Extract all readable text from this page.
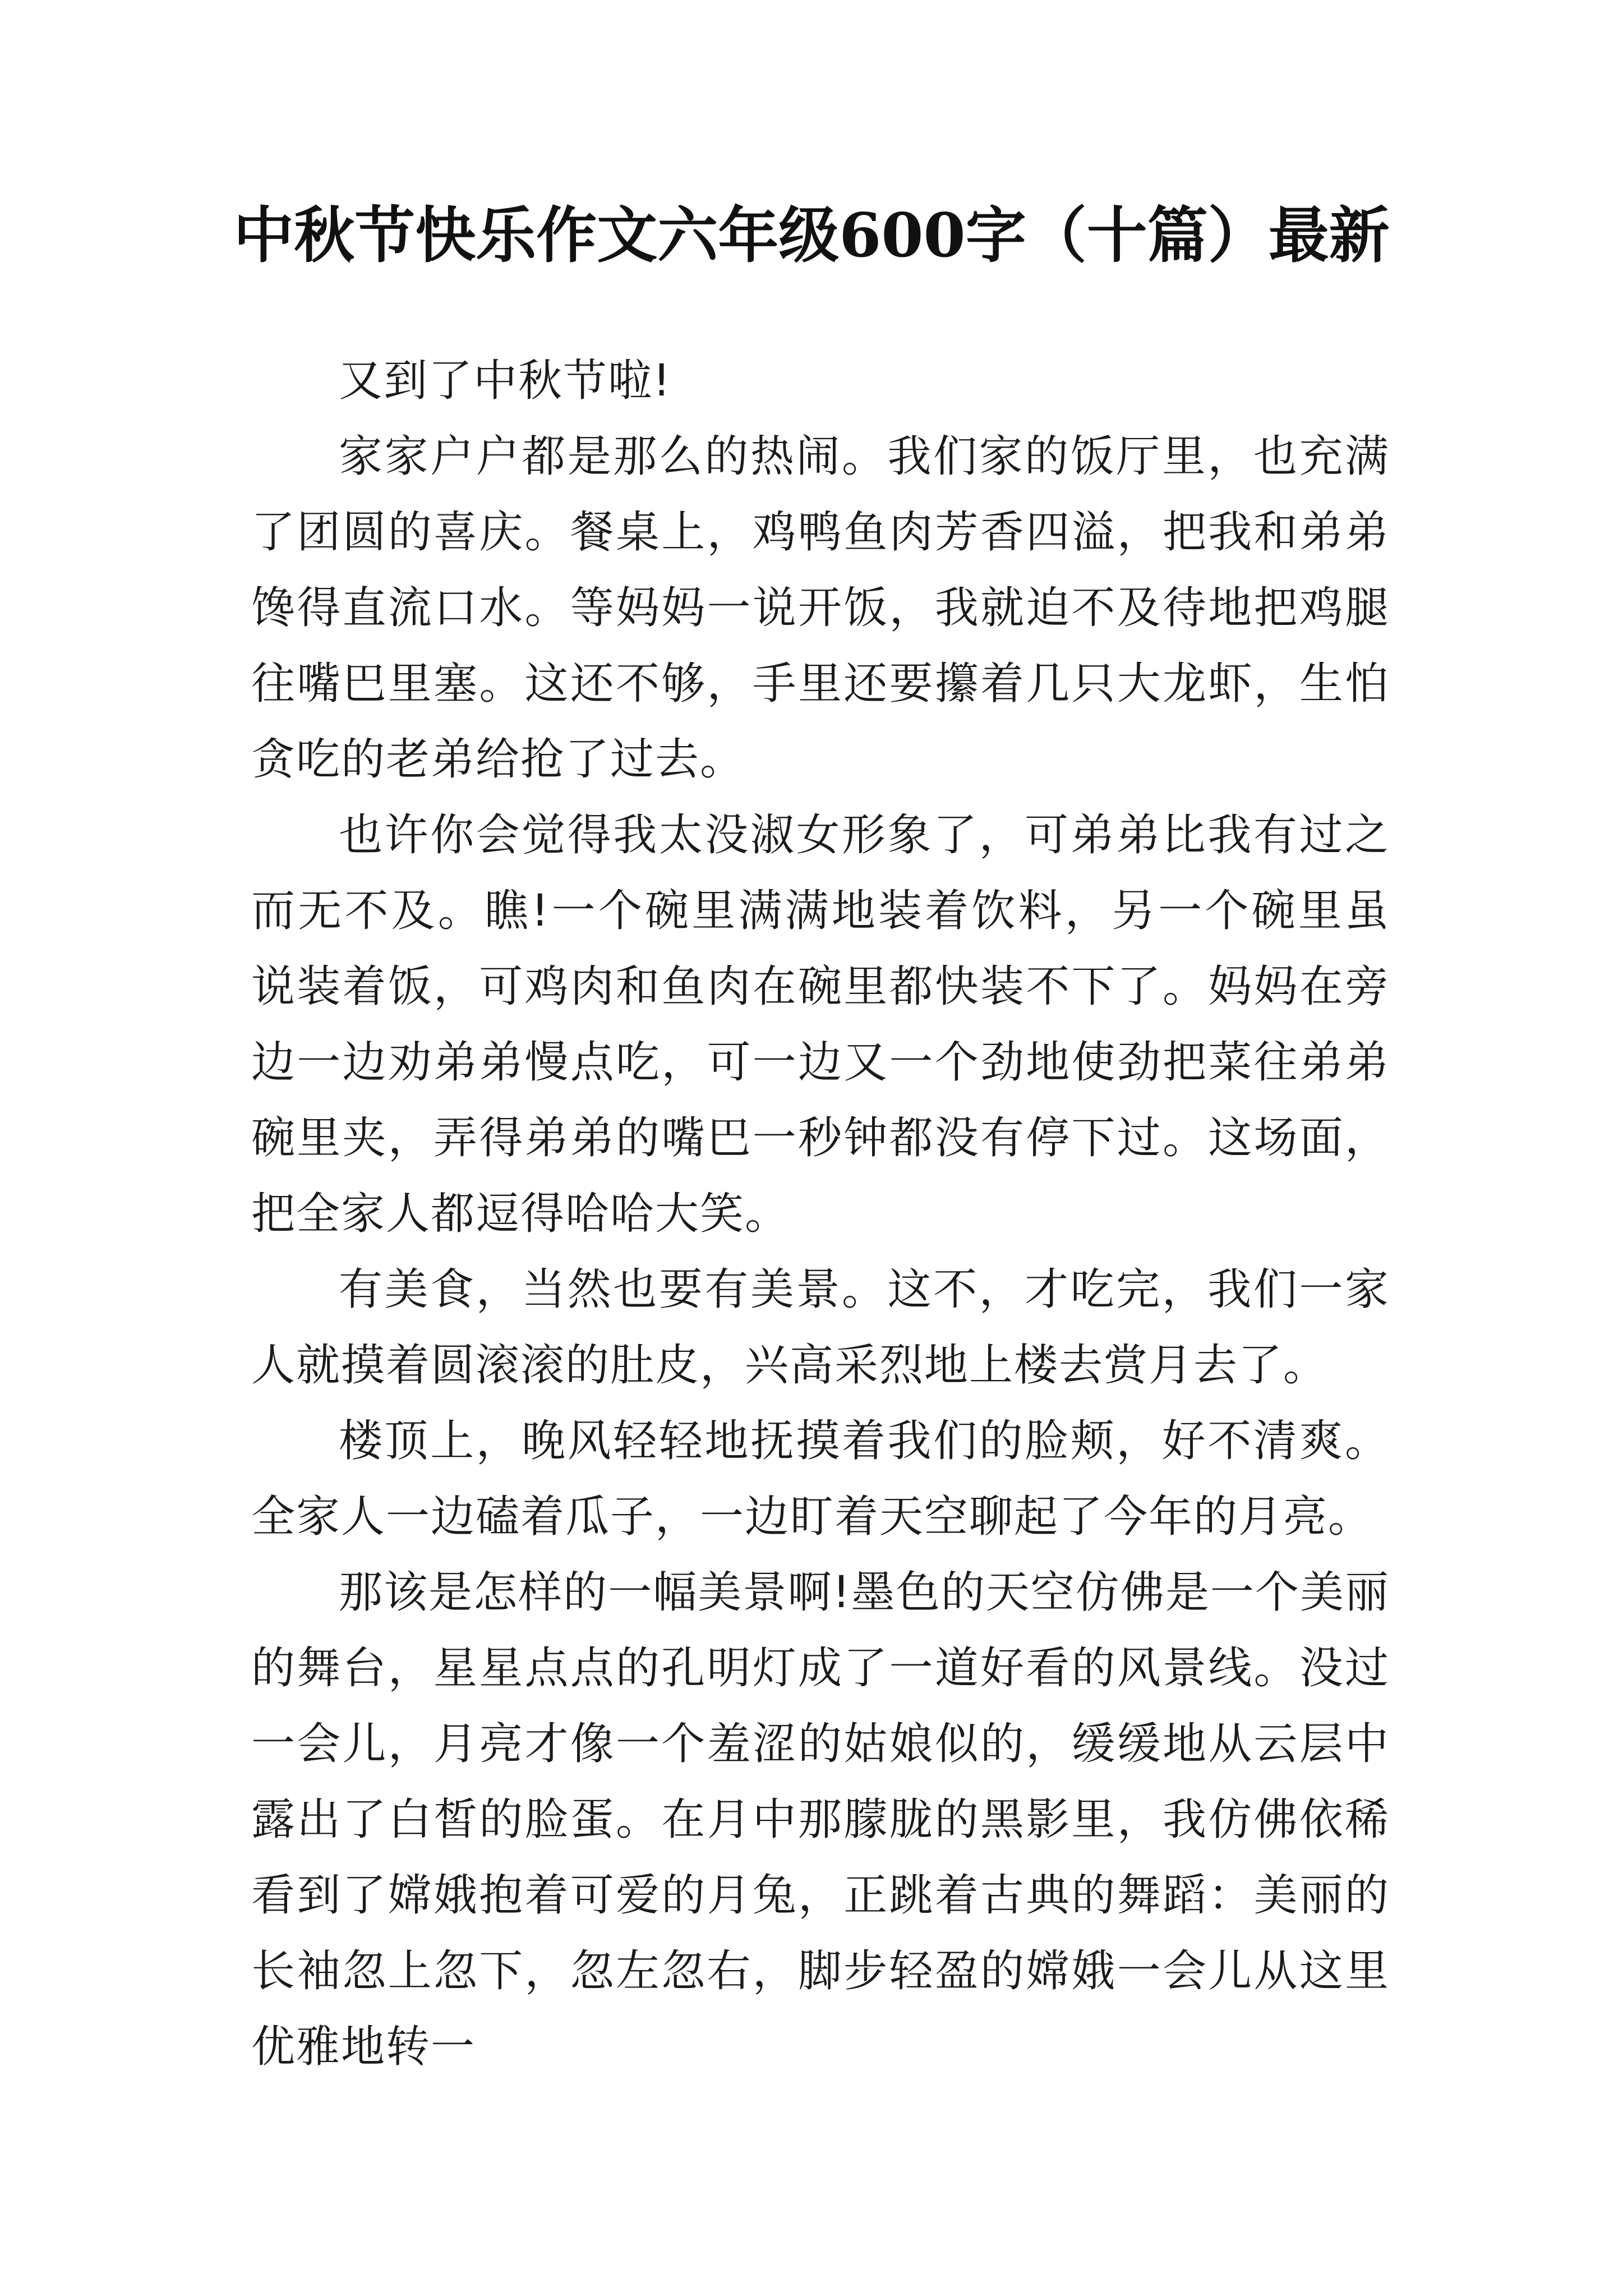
中秋节快乐作文六年级600字（十篇）最新

又到了中秋节啦!

家家户户都是那么的热闹。我们家的饭厅里，也充满了团圆的喜庆。餐桌上，鸡鸭鱼肉芳香四溢，把我和弟弟馋得直流口水。等妈妈一说开饭，我就迫不及待地把鸡腿往嘴巴里塞。这还不够，手里还要攥着几只大龙虾，生怕贪吃的老弟给抢了过去。

也许你会觉得我太没淑女形象了，可弟弟比我有过之而无不及。瞧!一个碗里满满地装着饮料，另一个碗里虽说装着饭，可鸡肉和鱼肉在碗里都快装不下了。妈妈在旁边一边劝弟弟慢点吃，可一边又一个劲地使劲把菜往弟弟碗里夹，弄得弟弟的嘴巴一秒钟都没有停下过。这场面，把全家人都逗得哈哈大笑。

有美食，当然也要有美景。这不，才吃完，我们一家人就摸着圆滚滚的肚皮，兴高采烈地上楼去赏月去了。

楼顶上，晚风轻轻地抚摸着我们的脸颊，好不清爽。全家人一边磕着瓜子，一边盯着天空聊起了今年的月亮。

那该是怎样的一幅美景啊!墨色的天空仿佛是一个美丽的舞台，星星点点的孔明灯成了一道好看的风景线。没过一会儿，月亮才像一个羞涩的姑娘似的，缓缓地从云层中露出了白皙的脸蛋。在月中那朦胧的黑影里，我仿佛依稀看到了嫦娥抱着可爱的月兔，正跳着古典的舞蹈：美丽的长袖忽上忽下，忽左忽右，脚步轻盈的嫦娥一会儿从这里优雅地转一
